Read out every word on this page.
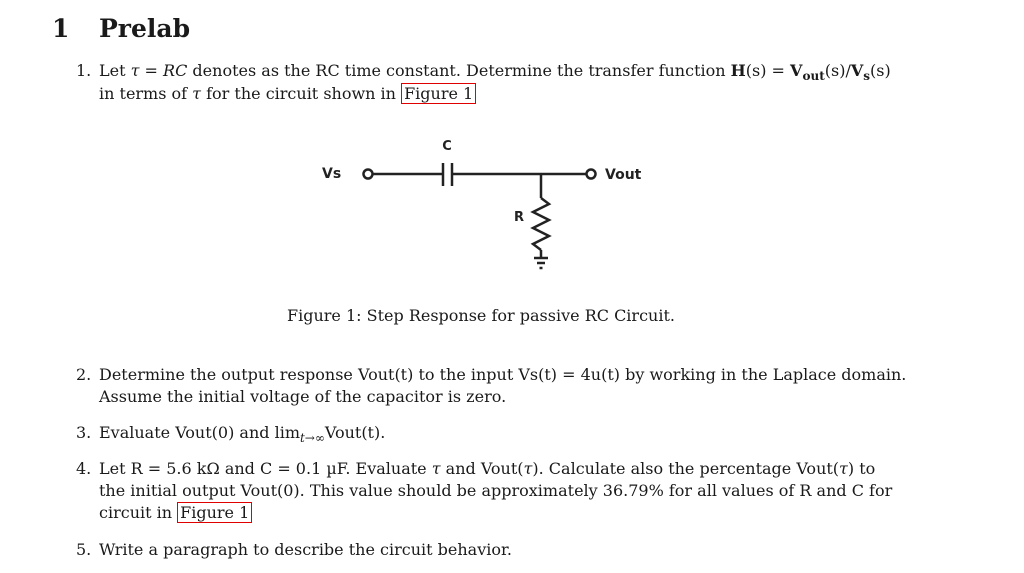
1 Prelab
1. Let τ = RC denotes as the RC time constant. Determine the transfer function $H(s) = V_{out}(s)/V_s(s)$
in terms of τ for the circuit shown in Figure 1
Vs
C
Vout
R
Figure 1: Step Response for passive RC Circuit.
2. Determine the output response Vout(t) to the input Vs(t) = 4u(t) by working in the Laplace domain.
Assume the initial voltage of the capacitor is zero.
3. Evaluate Vout(0) and $\lim_{t\to\infty}Vout(t)$.
4. Let R = 5.6 kΩ and C = 0.1 µF. Evaluate τ and Vout(τ). Calculate also the percentage Vout(τ) to
the initial output Vout(0). This value should be approximately 36.79% for all values of R and C for
circuit in Figure 1
5. Write a paragraph to describe the circuit behavior.
